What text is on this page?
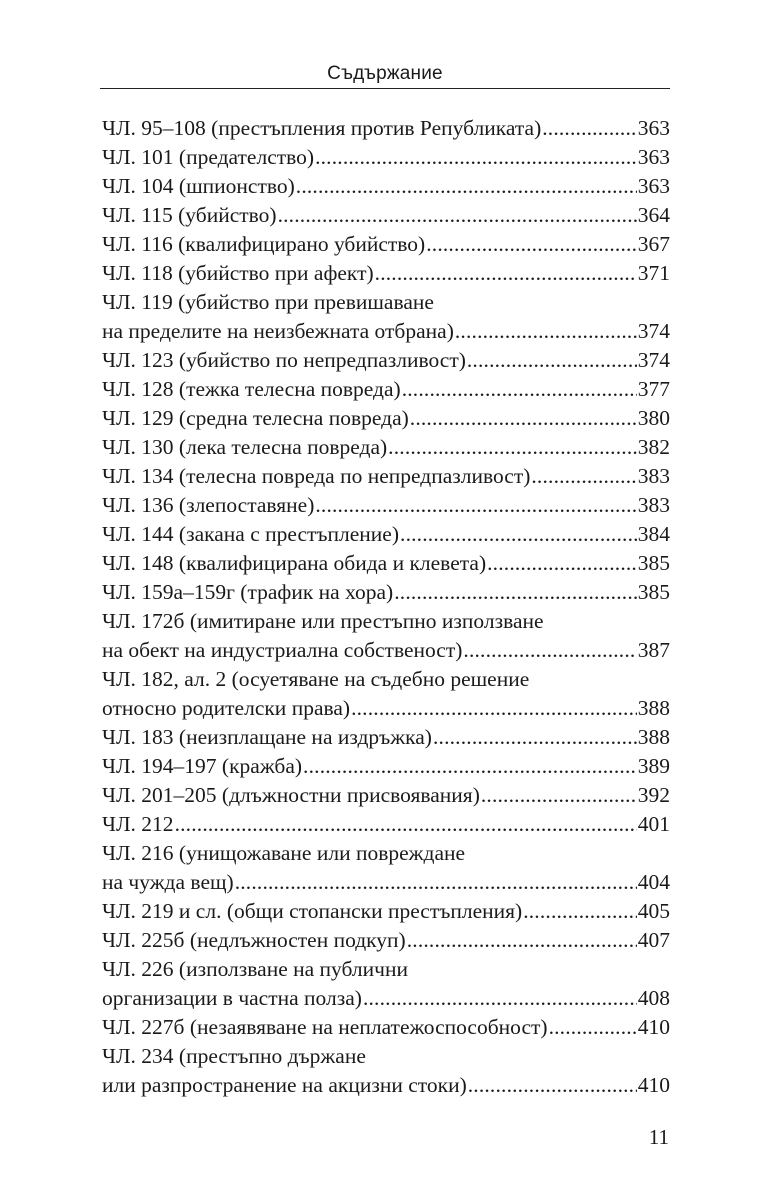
Съдържание
ЧЛ. 95–108 (престъпления против Републиката) . . .	363
ЧЛ. 101 (предателство) . . .	363
ЧЛ. 104 (шпионство) . . .	363
ЧЛ. 115 (убийство) . . .	364
ЧЛ. 116 (квалифицирано убийство) . . .	367
ЧЛ. 118 (убийство при афект) . . .	371
ЧЛ. 119 (убийство при превишаване
на пределите на неизбежната отбрана) . . .	374
ЧЛ. 123 (убийство по непредпазливост) . . .	374
ЧЛ. 128 (тежка телесна повреда) . . .	377
ЧЛ. 129 (средна телесна повреда) . . .	380
ЧЛ. 130 (лека телесна повреда) . . .	382
ЧЛ. 134 (телесна повреда по непредпазливост) . . .	383
ЧЛ. 136 (злепоставяне) . . .	383
ЧЛ. 144 (закана с престъпление) . . .	384
ЧЛ. 148 (квалифицирана обида и клевета) . . .	385
ЧЛ. 159а–159г (трафик на хора) . . .	385
ЧЛ. 172б (имитиране или престъпно използване
на обект на индустриална собственост) . . .	387
ЧЛ. 182, ал. 2 (осуетяване на съдебно решение
относно родителски права) . . .	388
ЧЛ. 183 (неизплащане на издръжка) . . .	388
ЧЛ. 194–197 (кражба) . . .	389
ЧЛ. 201–205 (длъжностни присвоявания) . . .	392
ЧЛ. 212 . . .	401
ЧЛ. 216 (унищожаване или повреждане
на чужда вещ) . . .	404
ЧЛ. 219 и сл. (общи стопански престъпления) . . .	405
ЧЛ. 225б (недлъжностен подкуп) . . .	407
ЧЛ. 226 (използване на публични
организации в частна полза) . . .	408
ЧЛ. 227б (незаявяване на неплатежоспособност) . . .	410
ЧЛ. 234 (престъпно държане
или разпространение на акцизни стоки) . . .	410
11
